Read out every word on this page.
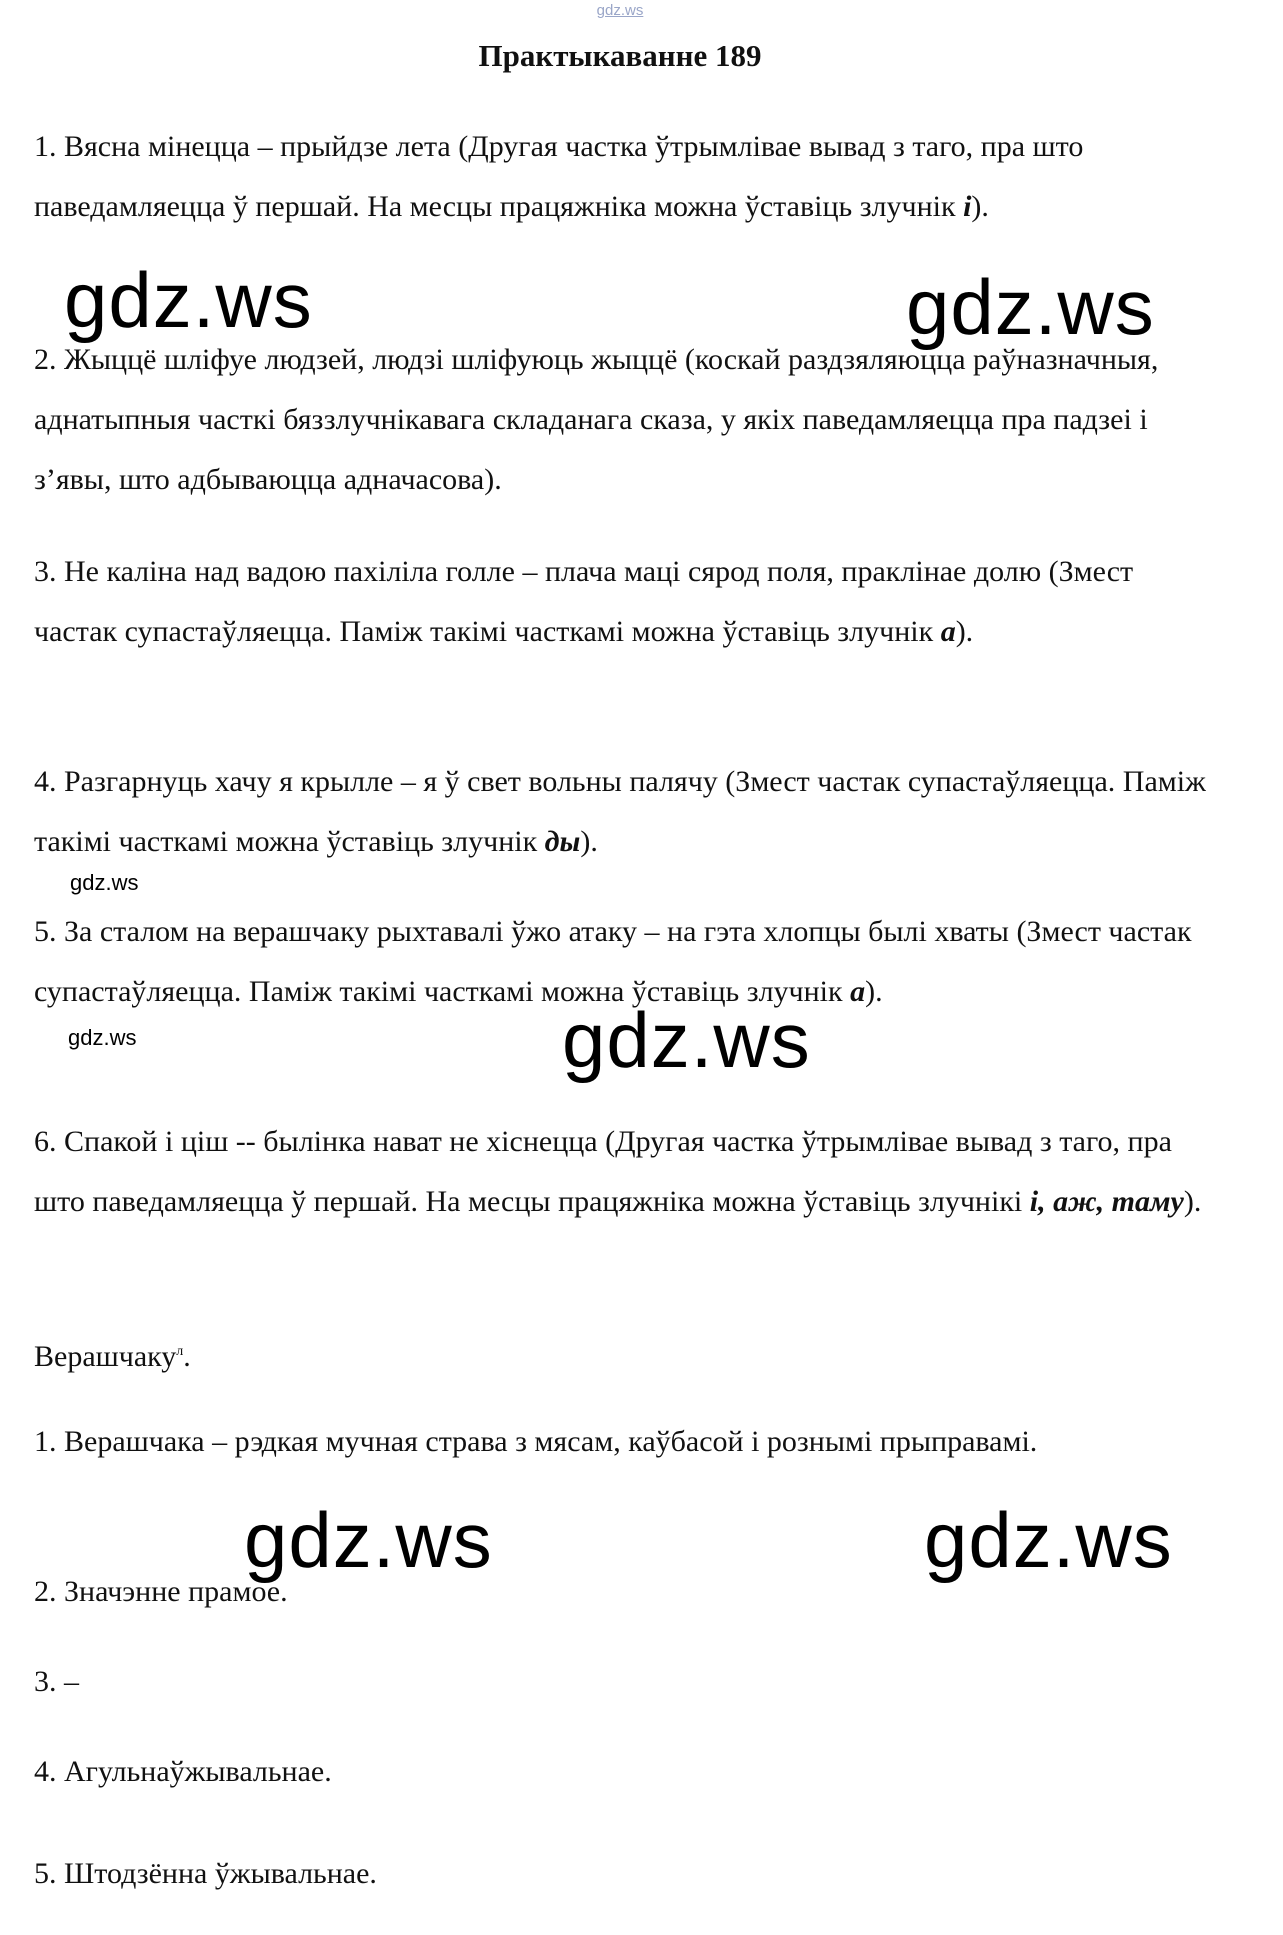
gdz.ws
Практыкаванне 189

1. Вясна мінецца – прыйдзе лета (Другая частка ўтрымлівае вывад з таго, пра што паведамляецца ў першай. На месцы працяжніка можна ўставіць злучнік і).

2. Жыццё шліфуе людзей, людзі шліфуюць жыццё (коскай раздзяляюцца раўназначныя, аднатыпныя часткі бяззлучнікавага складанага сказа, у якіх паведамляецца пра падзеі і з’явы, што адбываюцца адначасова).

3. Не каліна над вадою пахіліла голле – плача маці сярод поля, праклінае долю (Змест частак супастаўляецца. Паміж такімі часткамі можна ўставіць злучнік а).

4. Разгарнуць хачу я крылле – я ў свет вольны палячу (Змест частак супастаўляецца. Паміж такімі часткамі можна ўставіць злучнік ды).

5. За сталом на верашчаку рыхтавалі ўжо атаку – на гэта хлопцы былі хваты (Змест частак супастаўляецца. Паміж такімі часткамі можна ўставіць злучнік а).

6. Спакой і ціш -- былінка нават не хіснецца (Другая частка ўтрымлівае вывад з таго, пра што паведамляецца ў першай. На месцы працяжніка можна ўставіць злучнікі і, аж, таму).

Верашчаку$^л$.

1. Верашчака – рэдкая мучная страва з мясам, каўбасой і рознымі прыправамі.

2. Значэнне прамое.

3. –

4. Агульнаўжывальнае.

5. Штодзённа ўжывальнае.

gdz.ws	gdz.ws
gdz.ws
gdz.ws
gdz.ws
gdz.ws	gdz.ws
